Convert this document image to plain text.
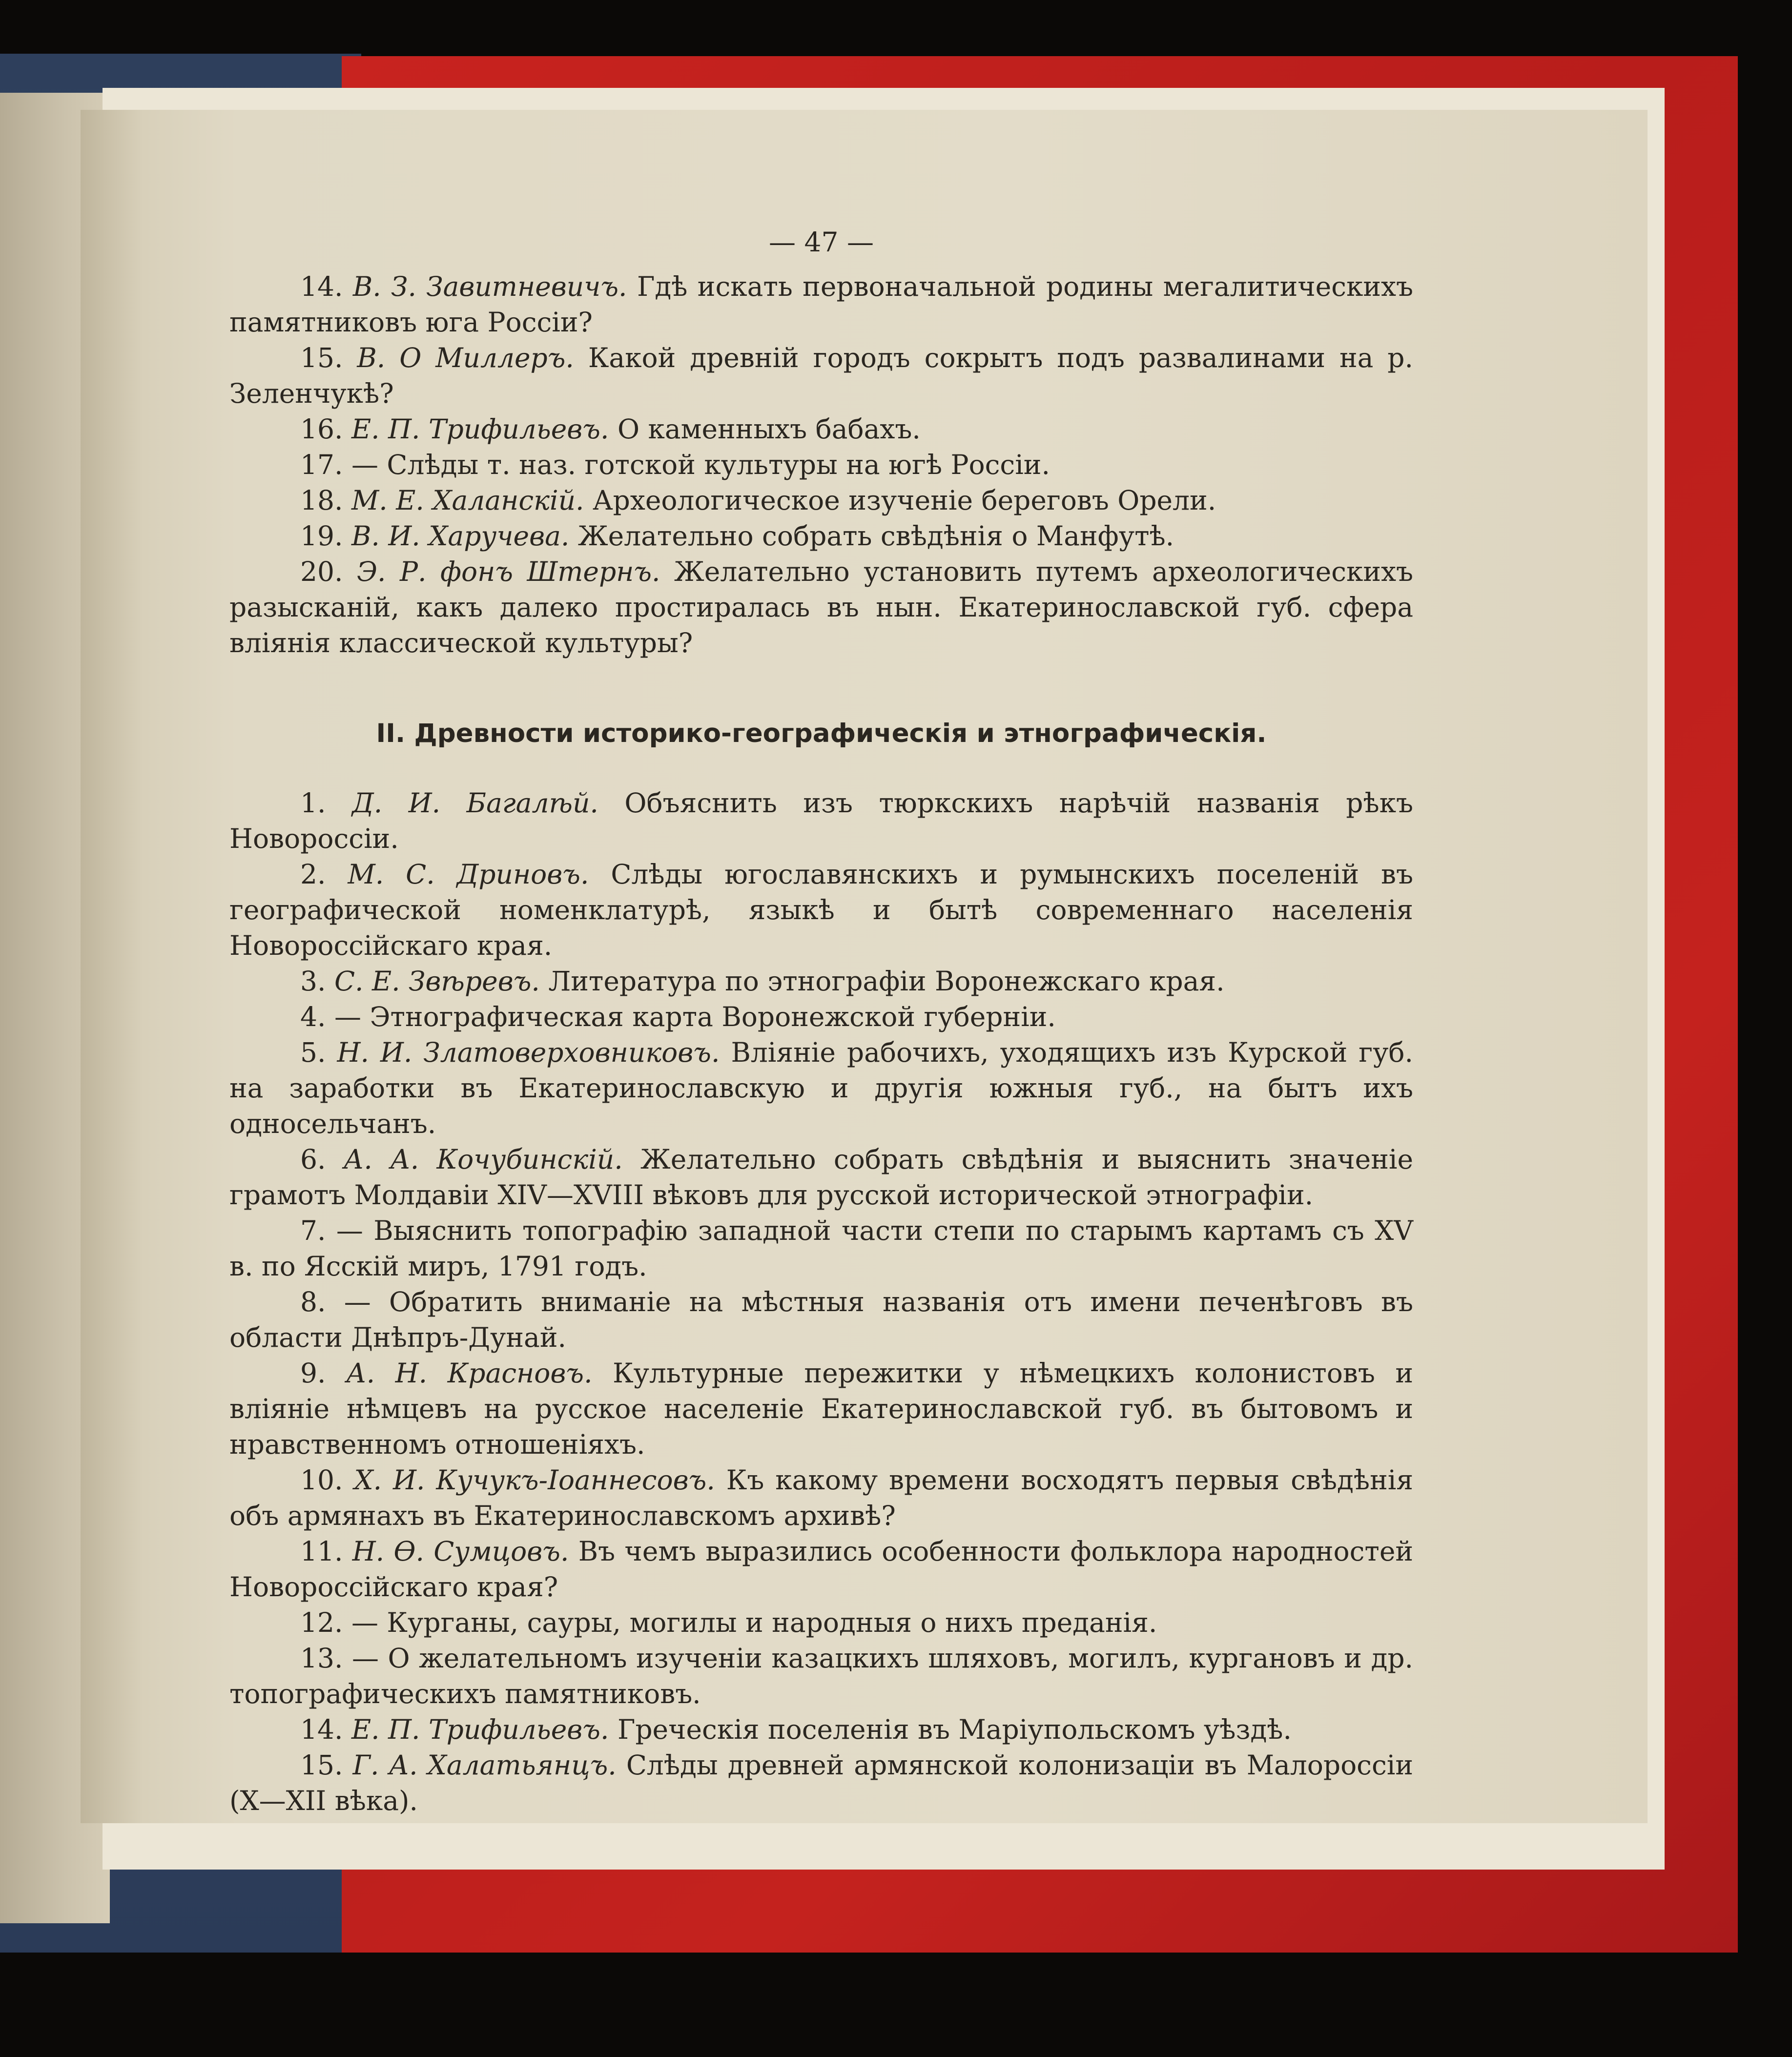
— 47 —

14. В. З. Завитневичъ. Гдѣ искать первоначальной родины мегалитическихъ памятниковъ юга Россіи?

15. В. О Миллеръ. Какой древній городъ сокрытъ подъ развалинами на р. Зеленчукѣ?

16. Е. П. Трифильевъ. О каменныхъ бабахъ.

17. — Слѣды т. наз. готской культуры на югѣ Россіи.

18. М. Е. Халанскій. Археологическое изученіе береговъ Орели.

19. В. И. Харучева. Желательно собрать свѣдѣнія о Манфутѣ.

20. Э. Р. фонъ Штернъ. Желательно установить путемъ археологическихъ разысканій, какъ далеко простиралась въ нын. Екатеринославской губ. сфера вліянія классической культуры?

II. Древности историко-географическія и этнографическія.

1. Д. И. Багалѣй. Объяснить изъ тюркскихъ нарѣчій названія рѣкъ Новороссіи.

2. М. С. Дриновъ. Слѣды югославянскихъ и румынскихъ поселеній въ географической номенклатурѣ, языкѣ и бытѣ современнаго населенія Новороссійскаго края.

3. С. Е. Звѣревъ. Литература по этнографіи Воронежскаго края.

4. — Этнографическая карта Воронежской губерніи.

5. Н. И. Златоверховниковъ. Вліяніе рабочихъ, уходящихъ изъ Курской губ. на заработки въ Екатеринославскую и другія южныя губ., на бытъ ихъ односельчанъ.

6. А. А. Кочубинскій. Желательно собрать свѣдѣнія и выяснить значеніе грамотъ Молдавіи XIV—XVIII вѣковъ для русской исторической этнографіи.

7. — Выяснить топографію западной части степи по старымъ картамъ съ XV в. по Ясскій миръ, 1791 годъ.

8. — Обратить вниманіе на мѣстныя названія отъ имени печенѣговъ въ области Днѣпръ-Дунай.

9. А. Н. Красновъ. Культурные пережитки у нѣмецкихъ колонистовъ и вліяніе нѣмцевъ на русское населеніе Екатеринославской губ. въ бытовомъ и нравственномъ отношеніяхъ.

10. Х. И. Кучукъ-Іоаннесовъ. Къ какому времени восходятъ первыя свѣдѣнія объ армянахъ въ Екатеринославскомъ архивѣ?

11. Н. Ѳ. Сумцовъ. Въ чемъ выразились особенности фольклора народностей Новороссійскаго края?

12. — Курганы, сауры, могилы и народныя о нихъ преданія.

13. — О желательномъ изученіи казацкихъ шляховъ, могилъ, кургановъ и др. топографическихъ памятниковъ.

14. Е. П. Трифильевъ. Греческія поселенія въ Маріупольскомъ уѣздѣ.

15. Г. А. Халатьянцъ. Слѣды древней армянской колонизаціи въ Малороссіи (X—XII вѣка).
